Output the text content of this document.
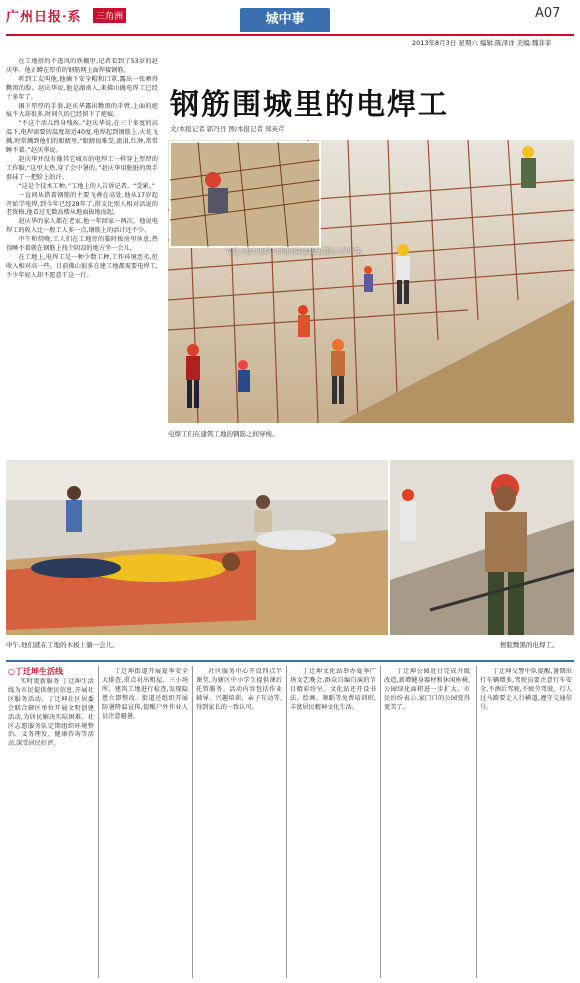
广州日报·系	三角洲	城中事	A07
2013年8月3日 星期六 编辑:陈泽洋 美编:魏菲菲

在工地搭的不透风的铁棚里,记者看到了53岁的赵庆华。他正蹲在厚重的钢筋网上面焊接钢筋。

听到工友叫他,他摘下安全帽和口罩,露出一张晒得黝黑的脸。赵庆华说,他是湖南人,来佛山做电焊工已经十多年了。

揭下厚厚的手套,赵庆华露出黝黑的手臂,上面的疤痕不大却很多,时间久的已经留下了疤痕。

“不这个活儿终身残疾。”赵庆华说,在三十多度的高温下,电焊需要的温度却近40度,电焊起到钢筋上,火花飞溅,时常溅到他们的眼睛里,“眼睛很难受,流泪,红肿,常常睡不着。”赵庆华说。

赵庆华并没有像其它城市的电焊工一样穿上厚厚的工作服,“这里太热,穿了会中暑的。”赵庆华用脏脏的黑手套抹了一把脸上的汗。

“这是个技术工种。”工地上的人告诉记者。“受累。”

一直问从搭着钢筋的主要飞叠在高处,他从17岁起开始学电焊,到今年已经28年了,搭支比别人相对活说的老资格,他看过无数高楼从地面拔地而起。

赵庆华的家人都在老家,他一年回家一两次。他说电焊工的收入比一般工人多一点,钢筋上的活计还不少。

中午和傍晚,工人们在工地旁的临时板房里休息,热得睡不着就在钢筋上找个阴凉的地方坐一会儿。

在工地上,电焊工是一种少数工种,工作环境恶劣,但收入相对高一些。目前佛山很多在建工地都需要电焊工,不少年轻人却不愿意干这一行。

钢筋围城里的电焊工
文/本报记者 郭丹丹 图/本报记者 郑英芹
在建工地为电焊工增设的降温设施,避免人员中暑。
电焊工们在建筑工地的钢筋之间穿梭。
中午,他们就在工地的木板上躺一会儿。	擦脸黝黑的电焊工。
○丁迁坤生活线

实时更新服务 丁迁坤生活线为市民提供便民信息,开展社区服务活动。丁迁坤社区居委会联合辖区单位开展文明创建活动,为居民解决实际困难。社区志愿服务队定期组织环境整治、义务理发、健康咨询等活动,深受居民好评。

丁迁坤街道开展夏季安全大排查,重点对出租屋、三小场所、建筑工地进行检查,发现隐患立即整改。街道还组织开展防暑降温宣传,提醒户外作业人员注意避暑。

社区服务中心开设四点半课堂,为辖区中小学生提供课后托管服务。活动内容包括作业辅导、兴趣培训、亲子互动等,得到家长的一致认可。

丁迁坤文化站举办夏季广场文艺晚会,群众自编自演的节目精彩纷呈。文化站还开设书法、绘画、舞蹈等免费培训班,丰富居民精神文化生活。

丁迁坤公园近日完成升级改造,新增健身器材和休闲座椅,公园绿化面积进一步扩大。市民纷纷表示,家门口的公园变得更美了。

丁迁坤交警中队提醒,暑期出行车辆增多,驾驶员要注意行车安全,不酒后驾驶,不疲劳驾驶。行人过马路要走人行横道,遵守交通信号。
